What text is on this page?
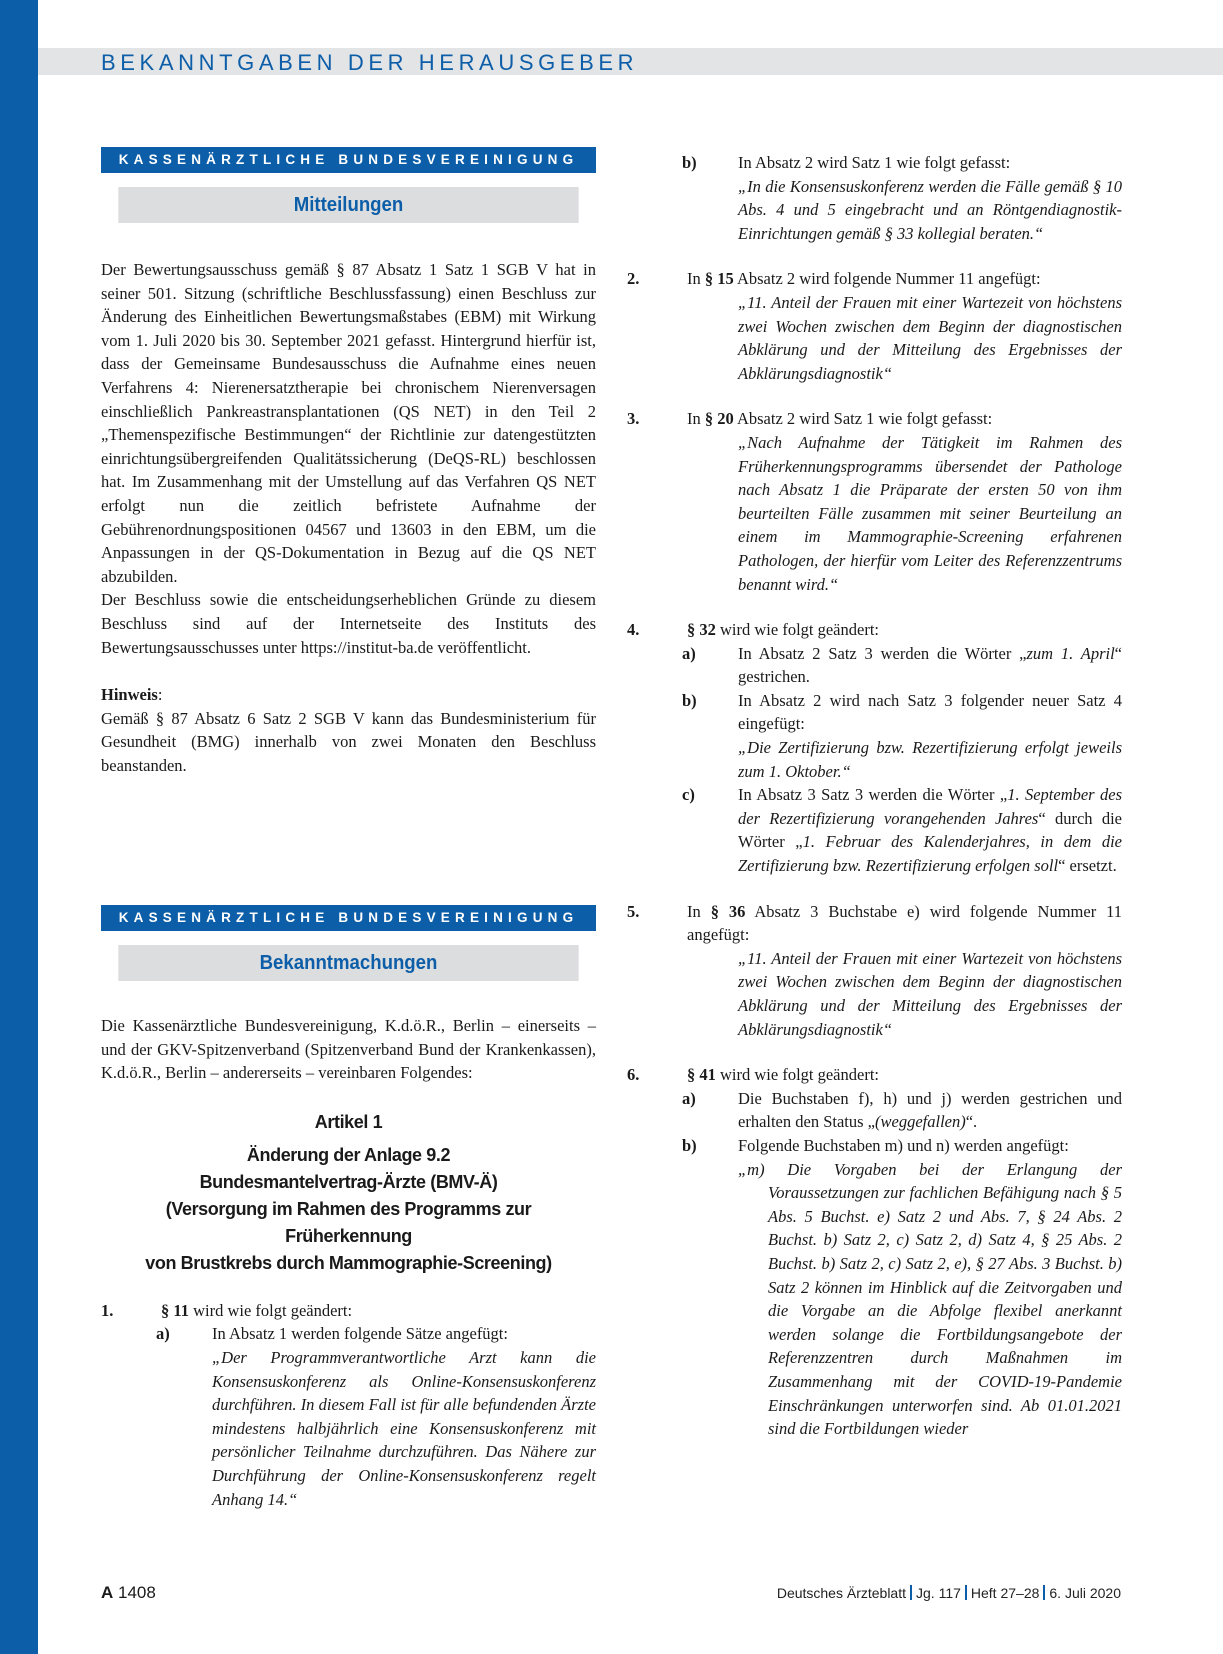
BEKANNTGABEN DER HERAUSGEBER
KASSENÄRZTLICHE BUNDESVEREINIGUNG
Mitteilungen

Der Bewertungsausschuss gemäß § 87 Absatz 1 Satz 1 SGB V hat in seiner 501. Sitzung (schriftliche Beschlussfassung) einen Beschluss zur Änderung des Einheitlichen Bewertungsmaßstabes (EBM) mit Wirkung vom 1. Juli 2020 bis 30. September 2021 gefasst. Hintergrund hierfür ist, dass der Gemeinsame Bundesausschuss die Aufnahme eines neuen Verfahrens 4: Nierenersatztherapie bei chronischem Nierenversagen einschließlich Pankreastransplantationen (QS NET) in den Teil 2 „Themenspezifische Bestimmungen“ der Richtlinie zur datengestützten einrichtungsübergreifenden Qualitätssicherung (DeQS-RL) beschlossen hat. Im Zusammenhang mit der Umstellung auf das Verfahren QS NET erfolgt nun die zeitlich befristete Aufnahme der Gebührenordnungspositionen 04567 und 13603 in den EBM, um die Anpassungen in der QS-Dokumentation in Bezug auf die QS NET abzubilden.

Der Beschluss sowie die entscheidungserheblichen Gründe zu diesem Beschluss sind auf der Internetseite des Instituts des Bewertungsausschusses unter https://institut-ba.de veröffentlicht.

Hinweis:

Gemäß § 87 Absatz 6 Satz 2 SGB V kann das Bundesministerium für Gesundheit (BMG) innerhalb von zwei Monaten den Beschluss beanstanden.

KASSENÄRZTLICHE BUNDESVEREINIGUNG
Bekanntmachungen

Die Kassenärztliche Bundesvereinigung, K.d.ö.R., Berlin – einerseits – und der GKV-Spitzenverband (Spitzenverband Bund der Krankenkassen), K.d.ö.R., Berlin – andererseits – vereinbaren Folgendes:

Artikel 1
Änderung der Anlage 9.2
Bundesmantelvertrag-Ärzte (BMV-Ä)
(Versorgung im Rahmen des Programms zur Früherkennung
von Brustkrebs durch Mammographie-Screening)
1.	§ 11 wird wie folgt geändert:
a)	In Absatz 1 werden folgende Sätze angefügt:

„Der Programmverantwortliche Arzt kann die Konsensuskonferenz als Online-Konsensuskonferenz durchführen. In diesem Fall ist für alle befundenden Ärzte mindestens halbjährlich eine Konsensuskonferenz mit persönlicher Teilnahme durchzuführen. Das Nähere zur Durchführung der Online-Konsensuskonferenz regelt Anhang 14.“

b)	In Absatz 2 wird Satz 1 wie folgt gefasst:

„In die Konsensuskonferenz werden die Fälle gemäß § 10 Abs. 4 und 5 eingebracht und an Röntgendiagnostik-Einrichtungen gemäß § 33 kollegial beraten.“

2.	In § 15 Absatz 2 wird folgende Nummer 11 angefügt:

„11. Anteil der Frauen mit einer Wartezeit von höchstens zwei Wochen zwischen dem Beginn der diagnostischen Abklärung und der Mitteilung des Ergebnisses der Abklärungsdiagnostik“

3.	In § 20 Absatz 2 wird Satz 1 wie folgt gefasst:

„Nach Aufnahme der Tätigkeit im Rahmen des Früherkennungsprogramms übersendet der Pathologe nach Absatz 1 die Präparate der ersten 50 von ihm beurteilten Fälle zusammen mit seiner Beurteilung an einem im Mammographie-Screening erfahrenen Pathologen, der hierfür vom Leiter des Referenzzentrums benannt wird.“

4.	§ 32 wird wie folgt geändert:
a)	In Absatz 2 Satz 3 werden die Wörter „zum 1. April“ gestrichen.

b)	In Absatz 2 wird nach Satz 3 folgender neuer Satz 4 eingefügt:

„Die Zertifizierung bzw. Rezertifizierung erfolgt jeweils zum 1. Oktober.“

c)	In Absatz 3 Satz 3 werden die Wörter „1. September des der Rezertifizierung vorangehenden Jahres“ durch die Wörter „1. Februar des Kalenderjahres, in dem die Zertifizierung bzw. Rezertifizierung erfolgen soll“ ersetzt.

5.	In § 36 Absatz 3 Buchstabe e) wird folgende Nummer 11 angefügt:

„11. Anteil der Frauen mit einer Wartezeit von höchstens zwei Wochen zwischen dem Beginn der diagnostischen Abklärung und der Mitteilung des Ergebnisses der Abklärungsdiagnostik“

6.	§ 41 wird wie folgt geändert:
a)	Die Buchstaben f), h) und j) werden gestrichen und erhalten den Status „(weggefallen)“.

b)	Folgende Buchstaben m) und n) werden angefügt:

„m) Die Vorgaben bei der Erlangung der Voraussetzungen zur fachlichen Befähigung nach § 5 Abs. 5 Buchst. e) Satz 2 und Abs. 7, § 24 Abs. 2 Buchst. b) Satz 2, c) Satz 2, d) Satz 4, § 25 Abs. 2 Buchst. b) Satz 2, c) Satz 2, e), § 27 Abs. 3 Buchst. b) Satz 2 können im Hinblick auf die Zeitvorgaben und die Vorgabe an die Abfolge flexibel anerkannt werden solange die Fortbildungsangebote der Referenzzentren durch Maßnahmen im Zusammenhang mit der COVID-19-Pandemie Einschränkungen unterworfen sind. Ab 01.01.2021 sind die Fortbildungen wieder

A 1408	Deutsches Ärzteblatt Jg. 117 Heft 27–28 6. Juli 2020
